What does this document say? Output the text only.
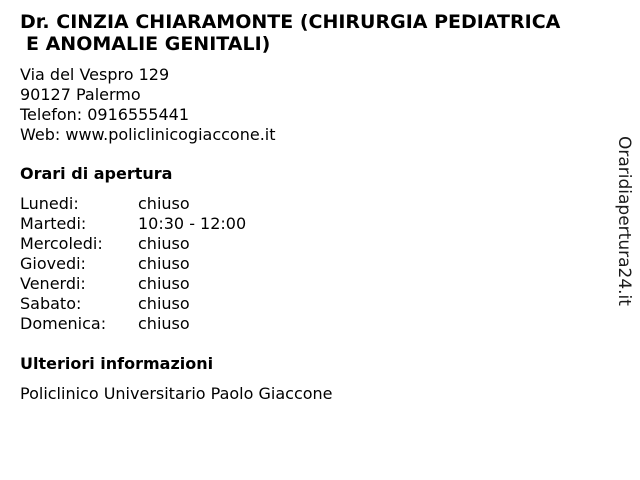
Dr. CINZIA CHIARAMONTE (CHIRURGIA PEDIATRICA
E ANOMALIE GENITALI)
Via del Vespro 129
90127 Palermo
Telefon: 0916555441
Web: www.policlinicogiaccone.it
Orari di apertura
Lunedi:	chiuso
Martedi:	10:30 - 12:00
Mercoledi:	chiuso
Giovedi:	chiuso
Venerdi:	chiuso
Sabato:	chiuso
Domenica:	chiuso
Ulteriori informazioni
Policlinico Universitario Paolo Giaccone
Oraridiapertura24.it
